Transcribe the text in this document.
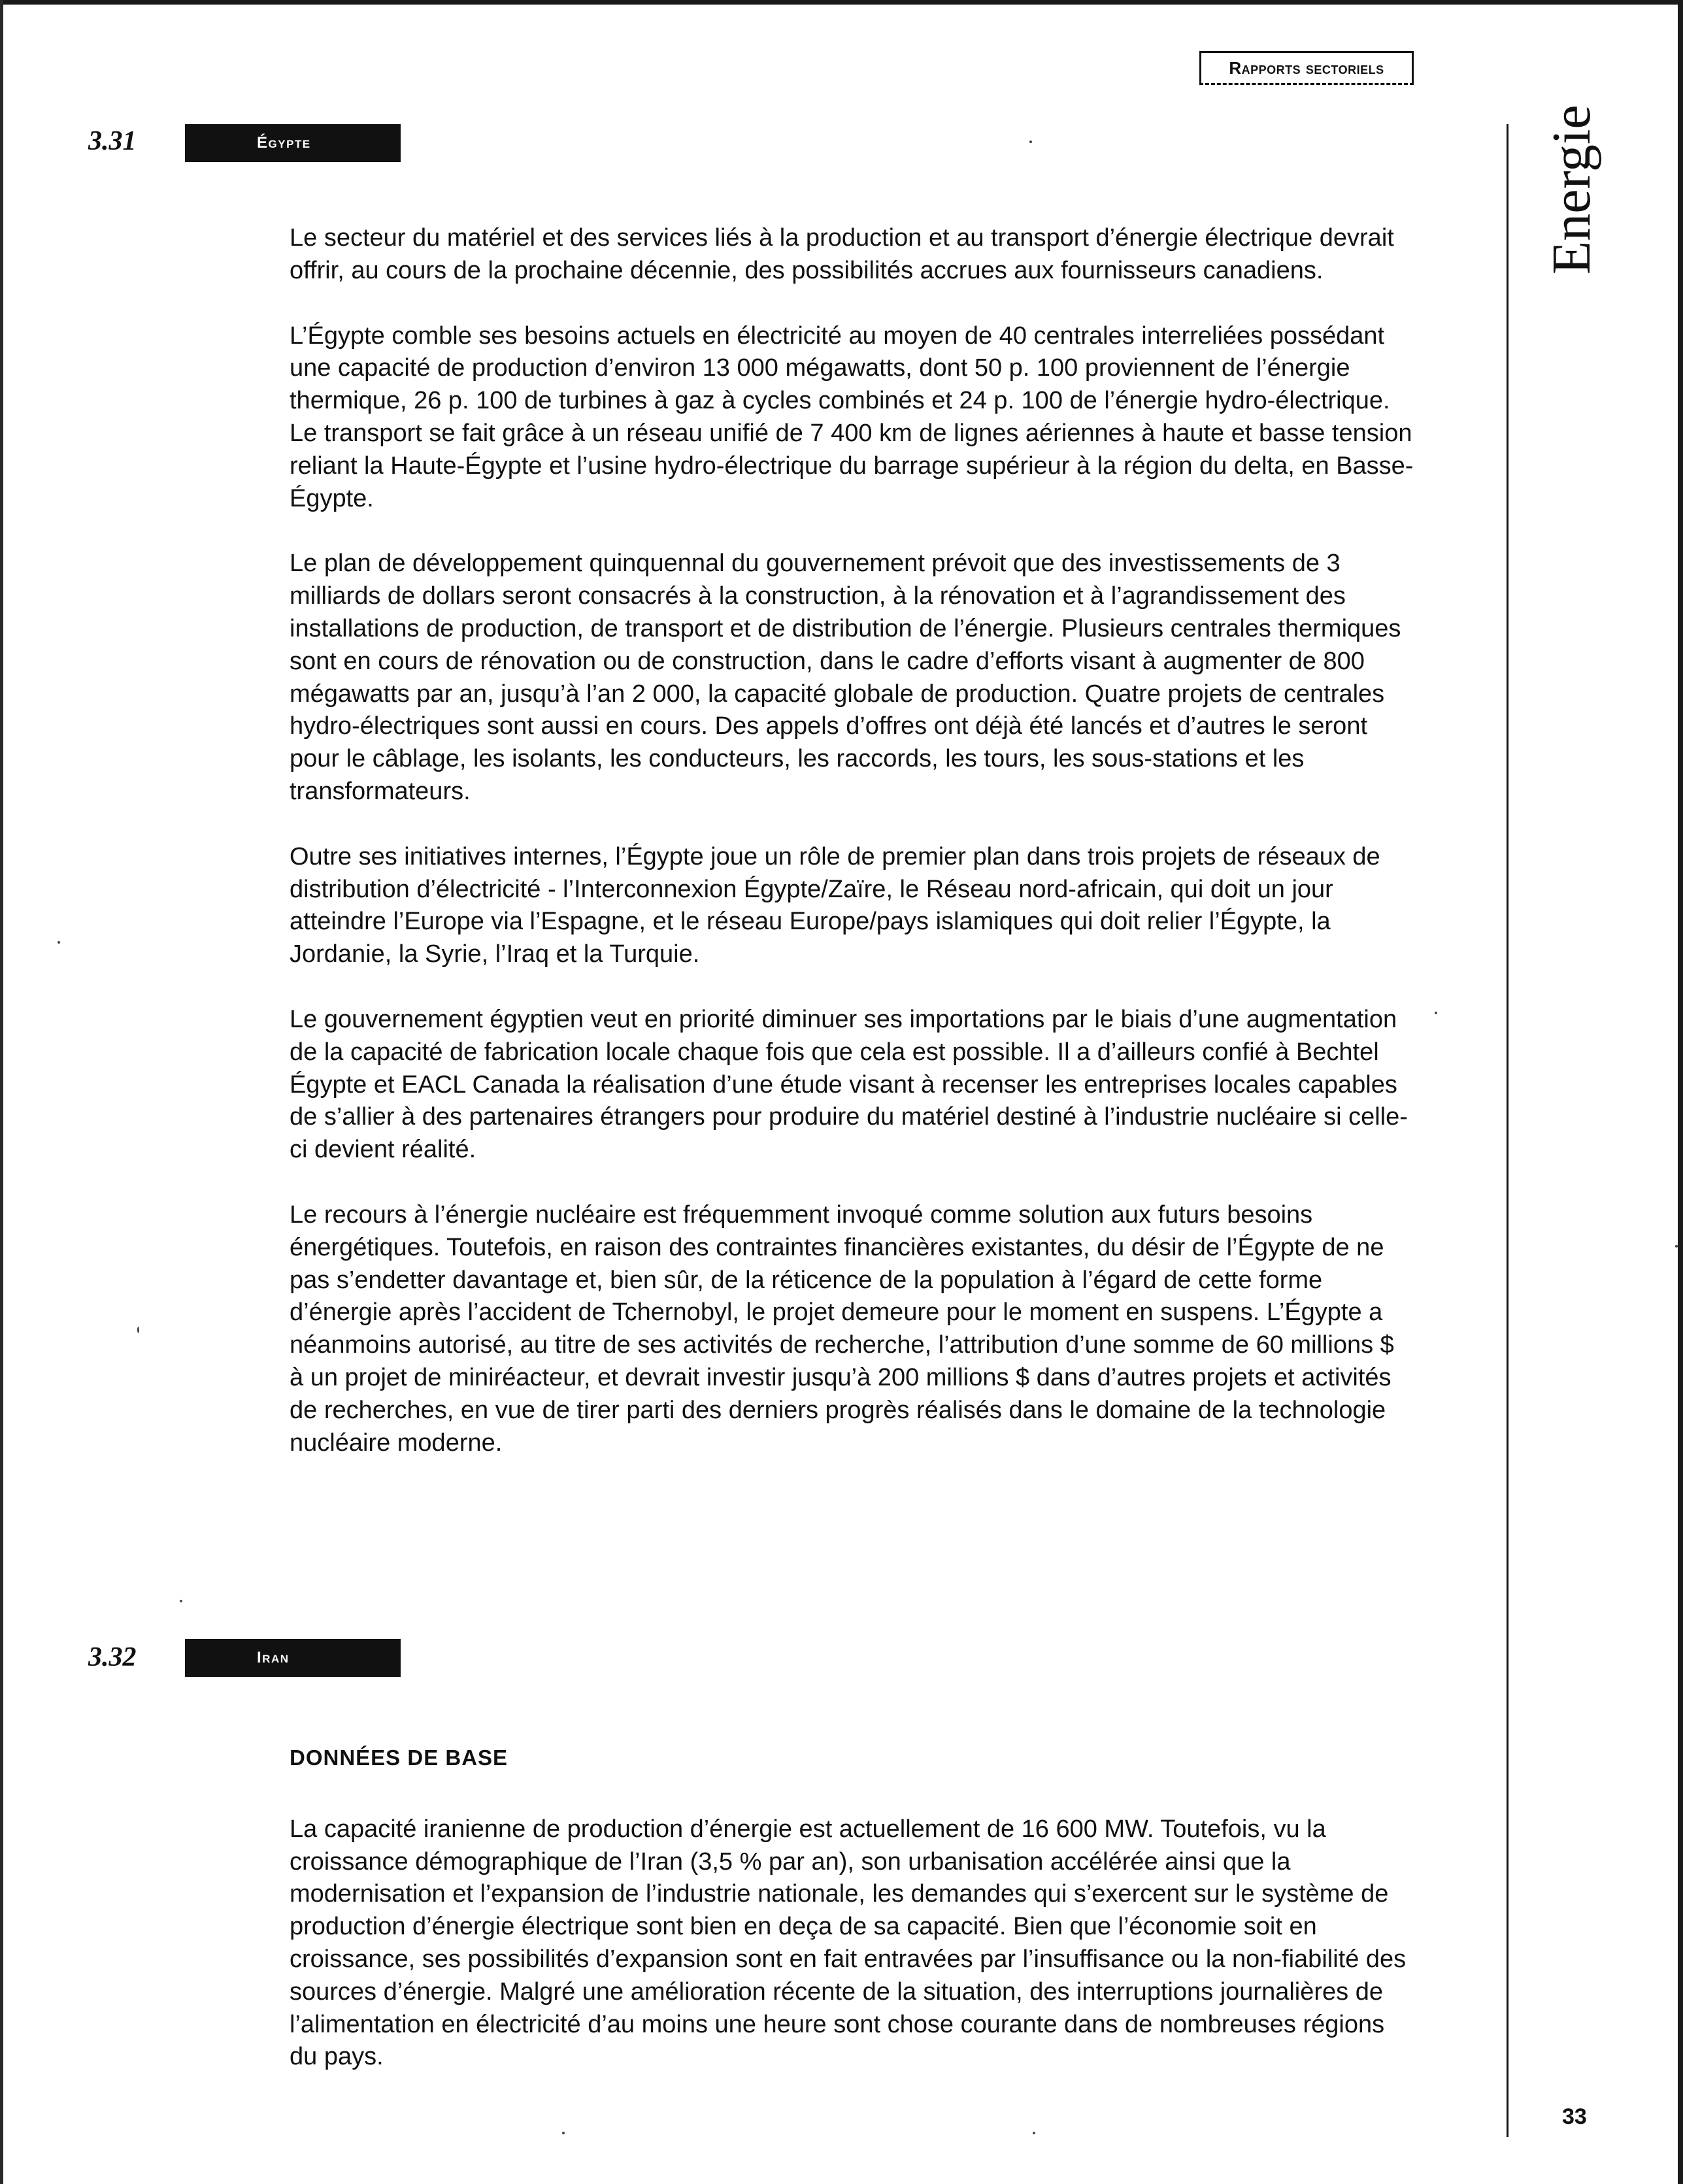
Rapports sectoriels
Energie
3.31	Égypte

Le secteur du matériel et des services liés à la production et au transport d’énergie électrique devrait offrir, au cours de la prochaine décennie, des possibilités accrues aux fournisseurs canadiens.

L’Égypte comble ses besoins actuels en électricité au moyen de 40 centrales interreliées possédant une capacité de production d’environ 13 000 mégawatts, dont 50 p. 100 proviennent de l’énergie thermique, 26 p. 100 de turbines à gaz à cycles combinés et 24 p. 100 de l’énergie hydro-électrique. Le transport se fait grâce à un réseau unifié de 7 400 km de lignes aériennes à haute et basse tension reliant la Haute-Égypte et l’usine hydro-électrique du barrage supérieur à la région du delta, en Basse-Égypte.

Le plan de développement quinquennal du gouvernement prévoit que des investissements de 3 milliards de dollars seront consacrés à la construction, à la rénovation et à l’agrandissement des installations de production, de transport et de distribution de l’énergie. Plusieurs centrales thermiques sont en cours de rénovation ou de construction, dans le cadre d’efforts visant à augmenter de 800 mégawatts par an, jusqu’à l’an 2 000, la capacité globale de production. Quatre projets de centrales hydro-électriques sont aussi en cours. Des appels d’offres ont déjà été lancés et d’autres le seront pour le câblage, les isolants, les conducteurs, les raccords, les tours, les sous-stations et les transformateurs.

Outre ses initiatives internes, l’Égypte joue un rôle de premier plan dans trois projets de réseaux de distribution d’électricité - l’Interconnexion Égypte/Zaïre, le Réseau nord-africain, qui doit un jour atteindre l’Europe via l’Espagne, et le réseau Europe/pays islamiques qui doit relier l’Égypte, la Jordanie, la Syrie, l’Iraq et la Turquie.

Le gouvernement égyptien veut en priorité diminuer ses importations par le biais d’une augmentation de la capacité de fabrication locale chaque fois que cela est possible. Il a d’ailleurs confié à Bechtel Égypte et EACL Canada la réalisation d’une étude visant à recenser les entreprises locales capables de s’allier à des partenaires étrangers pour produire du matériel destiné à l’industrie nucléaire si celle-ci devient réalité.

Le recours à l’énergie nucléaire est fréquemment invoqué comme solution aux futurs besoins énergétiques. Toutefois, en raison des contraintes financières existantes, du désir de l’Égypte de ne pas s’endetter davantage et, bien sûr, de la réticence de la population à l’égard de cette forme d’énergie après l’accident de Tchernobyl, le projet demeure pour le moment en suspens. L’Égypte a néanmoins autorisé, au titre de ses activités de recherche, l’attribution d’une somme de 60 millions $ à un projet de miniréacteur, et devrait investir jusqu’à 200 millions $ dans d’autres projets et activités de recherches, en vue de tirer parti des derniers progrès réalisés dans le domaine de la technologie nucléaire moderne.

3.32	Iran
DONNÉES DE BASE

La capacité iranienne de production d’énergie est actuellement de 16 600 MW. Toutefois, vu la croissance démographique de l’Iran (3,5 % par an), son urbanisation accélérée ainsi que la modernisation et l’expansion de l’industrie nationale, les demandes qui s’exercent sur le système de production d’énergie électrique sont bien en deça de sa capacité. Bien que l’économie soit en croissance, ses possibilités d’expansion sont en fait entravées par l’insuffisance ou la non-fiabilité des sources d’énergie. Malgré une amélioration récente de la situation, des interruptions journalières de l’alimentation en électricité d’au moins une heure sont chose courante dans de nombreuses régions du pays.

33
